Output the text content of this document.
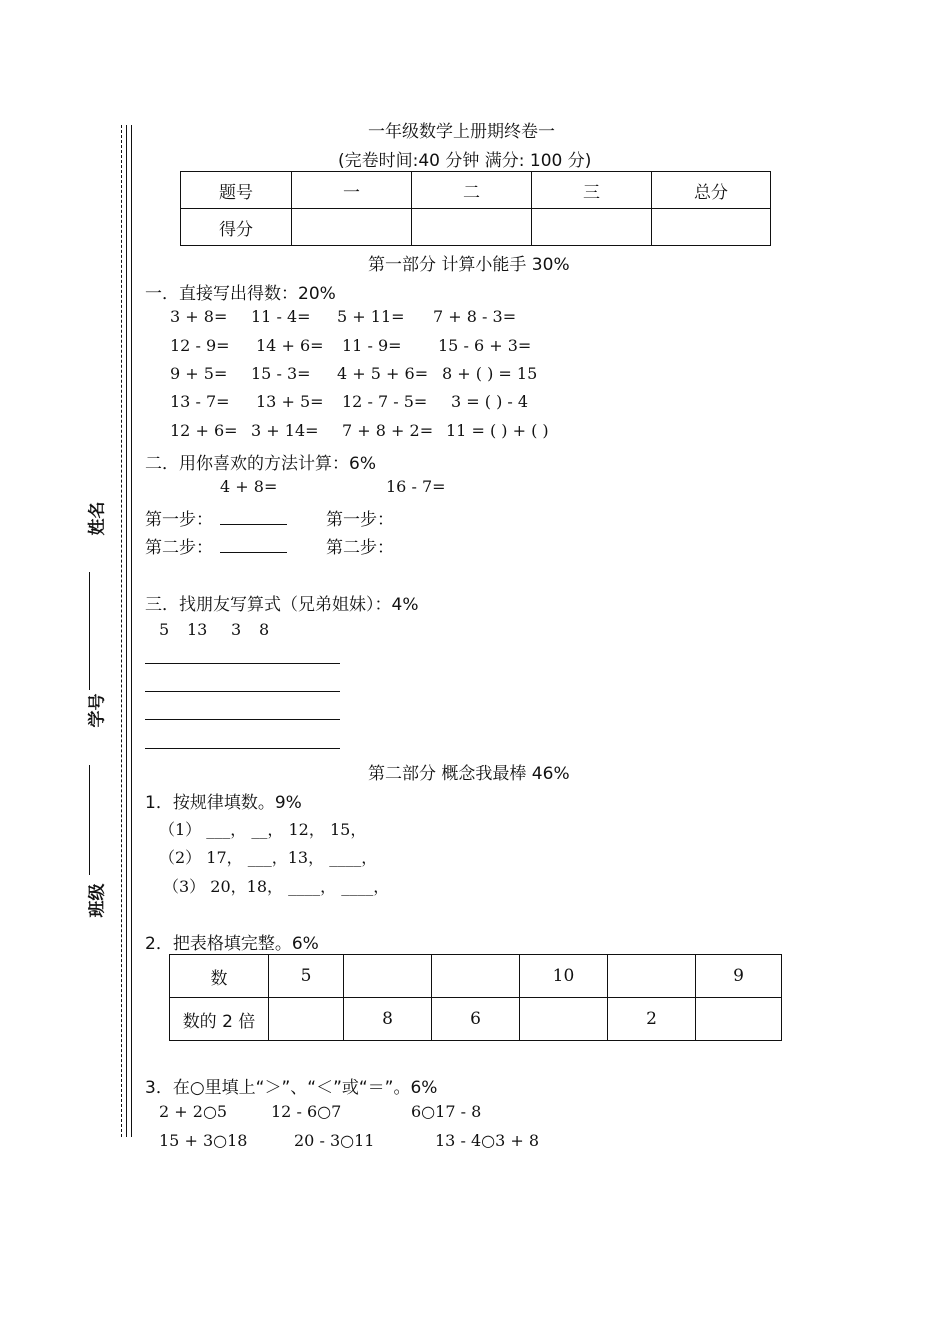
姓名
学号
班级
一年级数学上册期终卷一
(完卷时间:40 分钟 满分: 100 分)
题号	一	二	三	总分
得分				
第一部分 计算小能手 30%
一．直接写出得数：20%
3 + 8= 11 - 4= 5 + 11= 7 + 8 - 3=
12 - 9= 14 + 6= 11 - 9= 15 - 6 + 3=
9 + 5= 15 - 3= 4 + 5 + 6= 8 + ( ) = 15
13 - 7= 13 + 5= 12 - 7 - 5= 3 = ( ) - 4
12 + 6= 3 + 14= 7 + 8 + 2= 11 = ( ) + ( )
二．用你喜欢的方法计算：6%
4 + 8=	16 - 7=
第一步：	第一步：
第二步：	第二步：
三．找朋友写算式（兄弟姐妹）：4%
5 13 3 8
第二部分 概念我最棒 46%
1．按规律填数。9%
（1） ___， __， 12， 15，
（2） 17， ___，13， ____，
（3） 20，18， ____， ____，
2．把表格填完整。6%
数	5			10		9
数的 2 倍		8	6		2	
3．在○里填上“＞”、“＜”或“＝”。6%
2 + 2○5	12 - 6○7	6○17 - 8
15 + 3○18	20 - 3○11	13 - 4○3 + 8
